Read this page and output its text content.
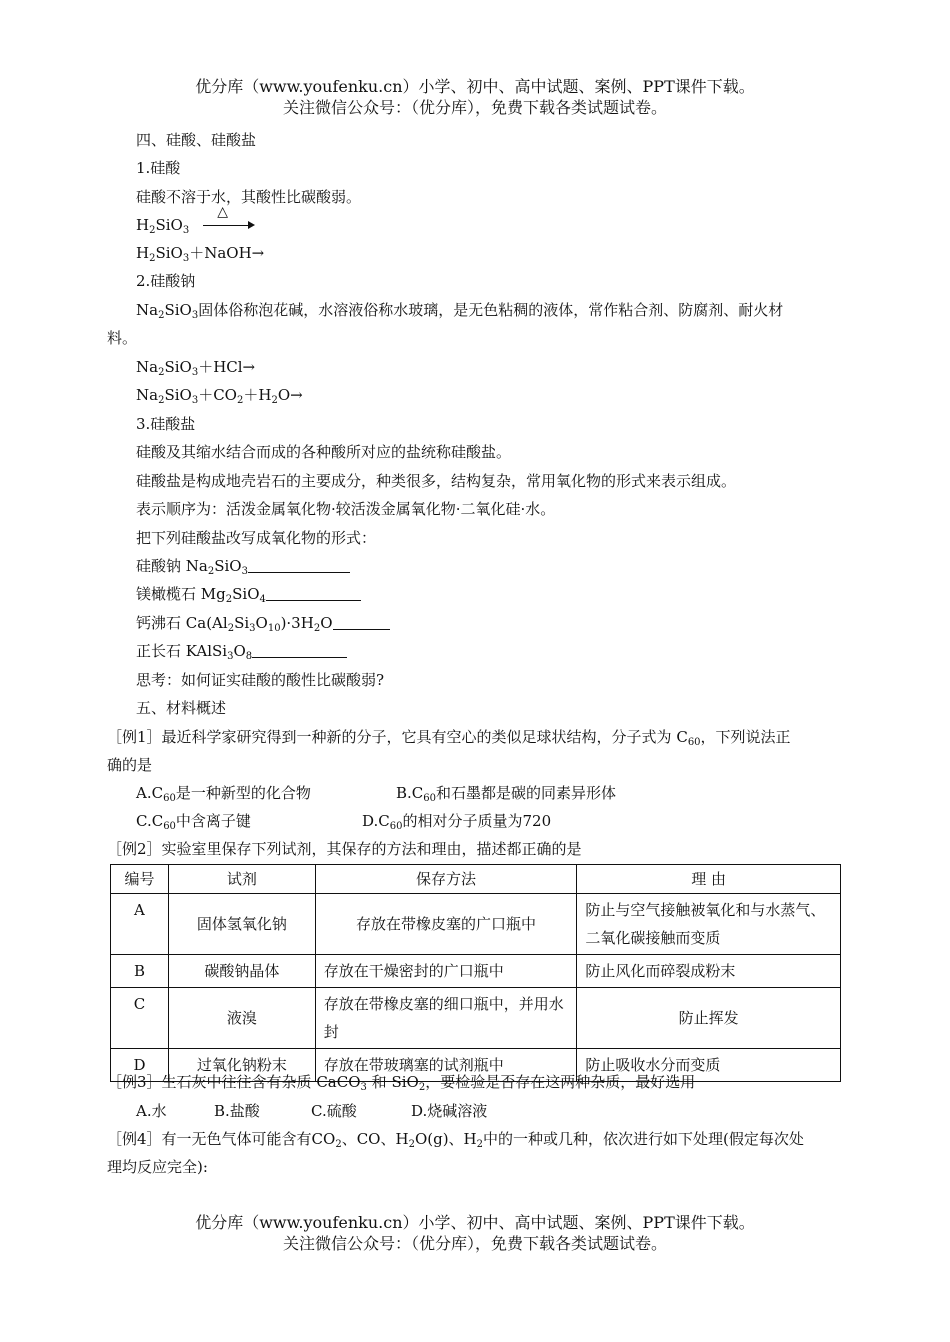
优分库（www.youfenku.cn）小学、初中、高中试题、案例、PPT课件下载。
关注微信公众号：（优分库），免费下载各类试题试卷。
四、硅酸、硅酸盐
1.硅酸
硅酸不溶于水，其酸性比碳酸弱。
$H_2SiO_3$
△
$H_2SiO_3+NaOH\to$
2.硅酸钠
$Na_2SiO_3$固体俗称泡花碱，水溶液俗称水玻璃，是无色粘稠的液体，常作粘合剂、防腐剂、耐火材
料。
$Na_2SiO_3+HCl\to$
$Na_2SiO_3+CO_2+H_2O\to$
3.硅酸盐
硅酸及其缩水结合而成的各种酸所对应的盐统称硅酸盐。
硅酸盐是构成地壳岩石的主要成分，种类很多，结构复杂，常用氧化物的形式来表示组成。
表示顺序为：活泼金属氧化物·较活泼金属氧化物·二氧化硅·水。
把下列硅酸盐改写成氧化物的形式：
硅酸钠 $Na_2SiO_3$
镁橄榄石 $Mg_2SiO_4$
钙沸石 $Ca(Al_2Si_3O_{10})\cdot 3H_2O$
正长石 $KAlSi_3O_8$
思考：如何证实硅酸的酸性比碳酸弱?
五、材料概述
［例1］最近科学家研究得到一种新的分子，它具有空心的类似足球状结构，分子式为 $C_{60}$，下列说法正
确的是
$A.C_{60}$是一种新型的化合物	$B.C_{60}$和石墨都是碳的同素异形体
$C.C_{60}$中含离子键	$D.C_{60}$的相对分子质量为720
［例2］实验室里保存下列试剂，其保存的方法和理由，描述都正确的是
编号	试剂	保存方法	理 由
A	固体氢氧化钠	存放在带橡皮塞的广口瓶中	防止与空气接触被氧化和与水蒸气、二氧化碳接触而变质
B	碳酸钠晶体	存放在干燥密封的广口瓶中	防止风化而碎裂成粉末
C	液溴	存放在带橡皮塞的细口瓶中，并用水封	防止挥发
D	过氧化钠粉末	存放在带玻璃塞的试剂瓶中	防止吸收水分而变质
［例3］生石灰中往往含有杂质 CaCO$_3$ 和 SiO$_2$，要检验是否存在这两种杂质，最好选用
A.水	B.盐酸	C.硫酸	D.烧碱溶液
［例4］有一无色气体可能含有$CO_2$、CO、$H_2O(g)$、$H_2$中的一种或几种，依次进行如下处理(假定每次处
理均反应完全):
优分库（www.youfenku.cn）小学、初中、高中试题、案例、PPT课件下载。
关注微信公众号：（优分库），免费下载各类试题试卷。
